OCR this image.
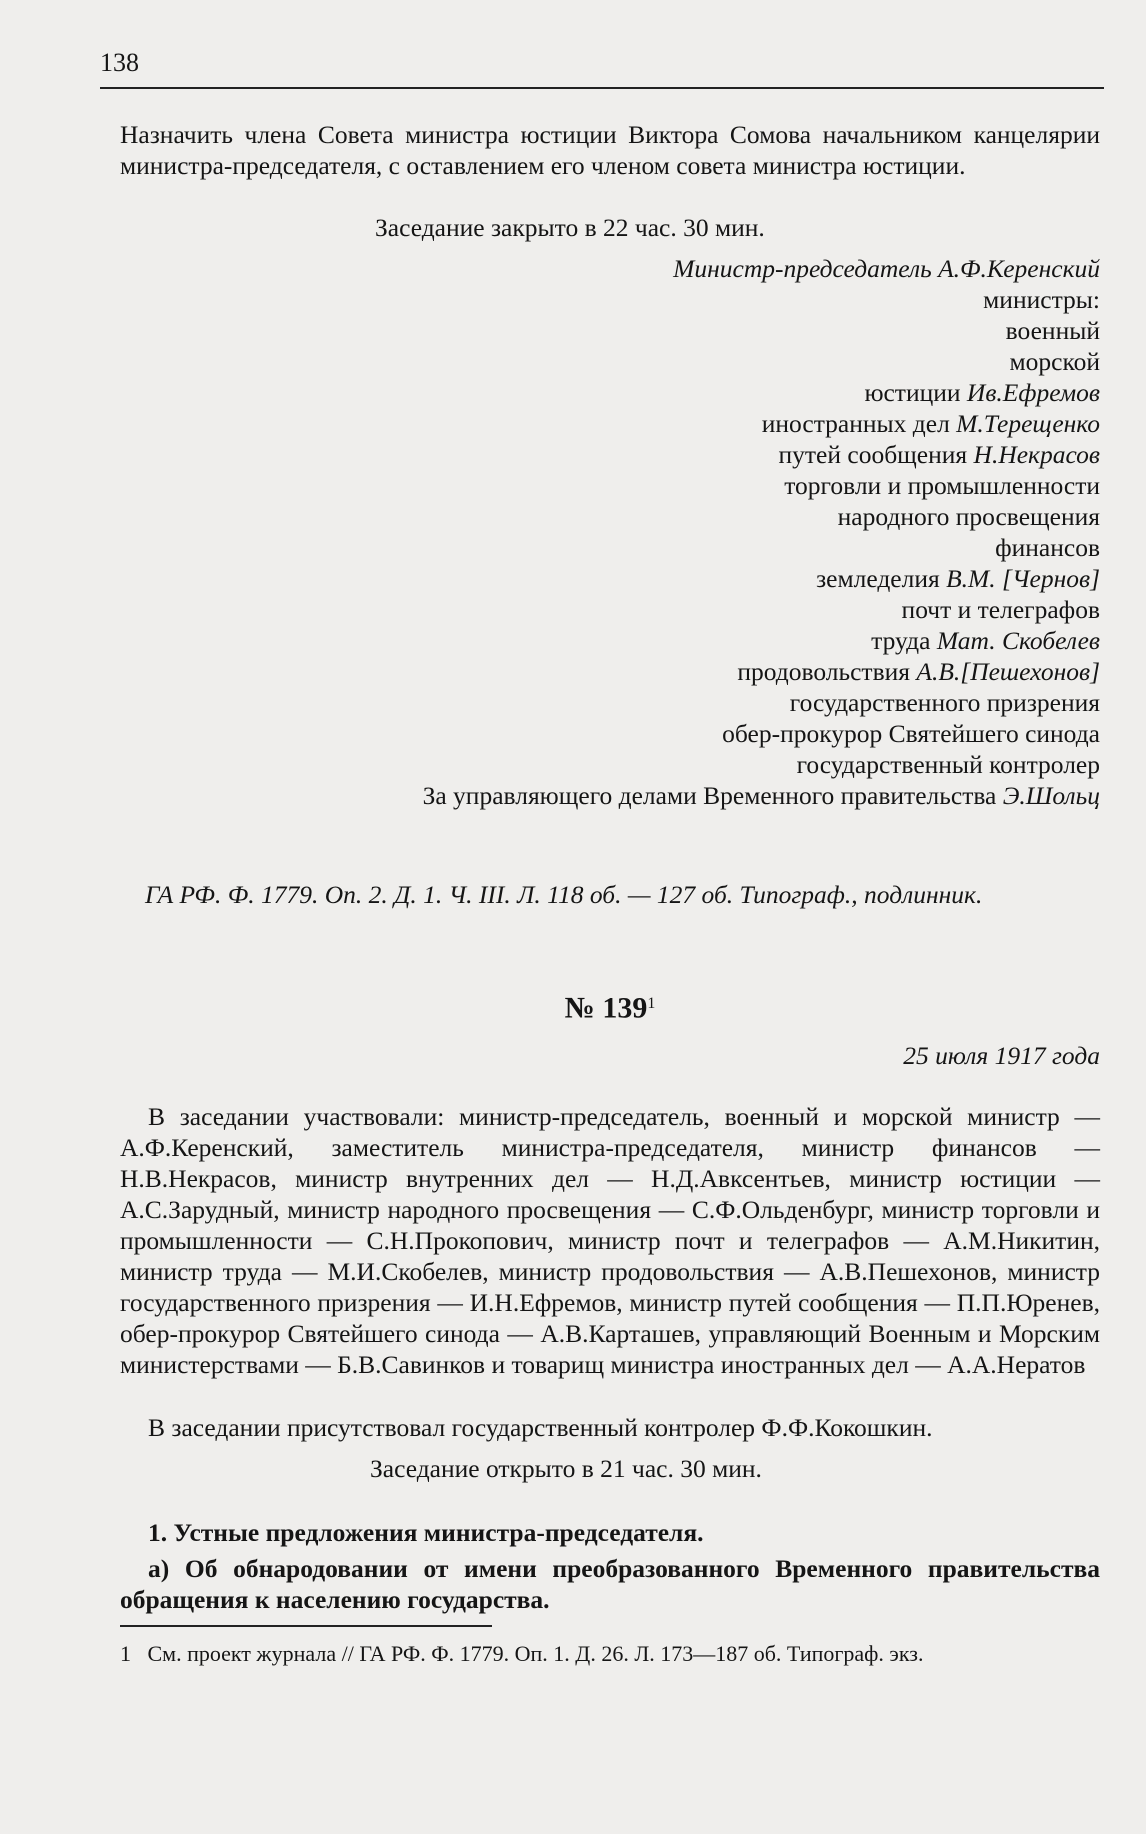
138
Назначить члена Совета министра юстиции Виктора Сомова начальником канцелярии министра-председателя, с оставлением его членом совета министра юстиции.
Заседание закрыто в 22 час. 30 мин.
Министр-председатель А.Ф.Керенский
министры:
военный
морской
юстиции Ив.Ефремов
иностранных дел М.Терещенко
путей сообщения Н.Некрасов
торговли и промышленности
народного просвещения
финансов
земледелия В.М. [Чернов]
почт и телеграфов
труда Мат. Скобелев
продовольствия А.В.[Пешехонов]
государственного призрения
обер-прокурор Святейшего синода
государственный контролер
За управляющего делами Временного правительства Э.Шольц
ГА РФ. Ф. 1779. Оп. 2. Д. 1. Ч. III. Л. 118 об. — 127 об. Типограф., подлинник.
№ $139^1$
25 июля 1917 года
В заседании участвовали: министр-председатель, военный и морской министр — А.Ф.Керенский, заместитель министра-председателя, министр финансов — Н.В.Некрасов, министр внутренних дел — Н.Д.Авксентьев, министр юстиции — А.С.Зарудный, министр народного просвещения — С.Ф.Ольденбург, министр торговли и промышленности — С.Н.Прокопович, министр почт и телеграфов — А.М.Никитин, министр труда — М.И.Скобелев, министр продовольствия — А.В.Пешехонов, министр государственного призрения — И.Н.Ефремов, министр путей сообщения — П.П.Юренев, обер-прокурор Святейшего синода — А.В.Карташев, управляющий Военным и Морским министерствами — Б.В.Савинков и товарищ министра иностранных дел — А.А.Нератов
В заседании присутствовал государственный контролер Ф.Ф.Кокошкин.
Заседание открыто в 21 час. 30 мин.
1. Устные предложения министра-председателя.
а) Об обнародовании от имени преобразованного Временного правительства обращения к населению государства.
1 См. проект журнала // ГА РФ. Ф. 1779. Оп. 1. Д. 26. Л. 173—187 об. Типограф. экз.
